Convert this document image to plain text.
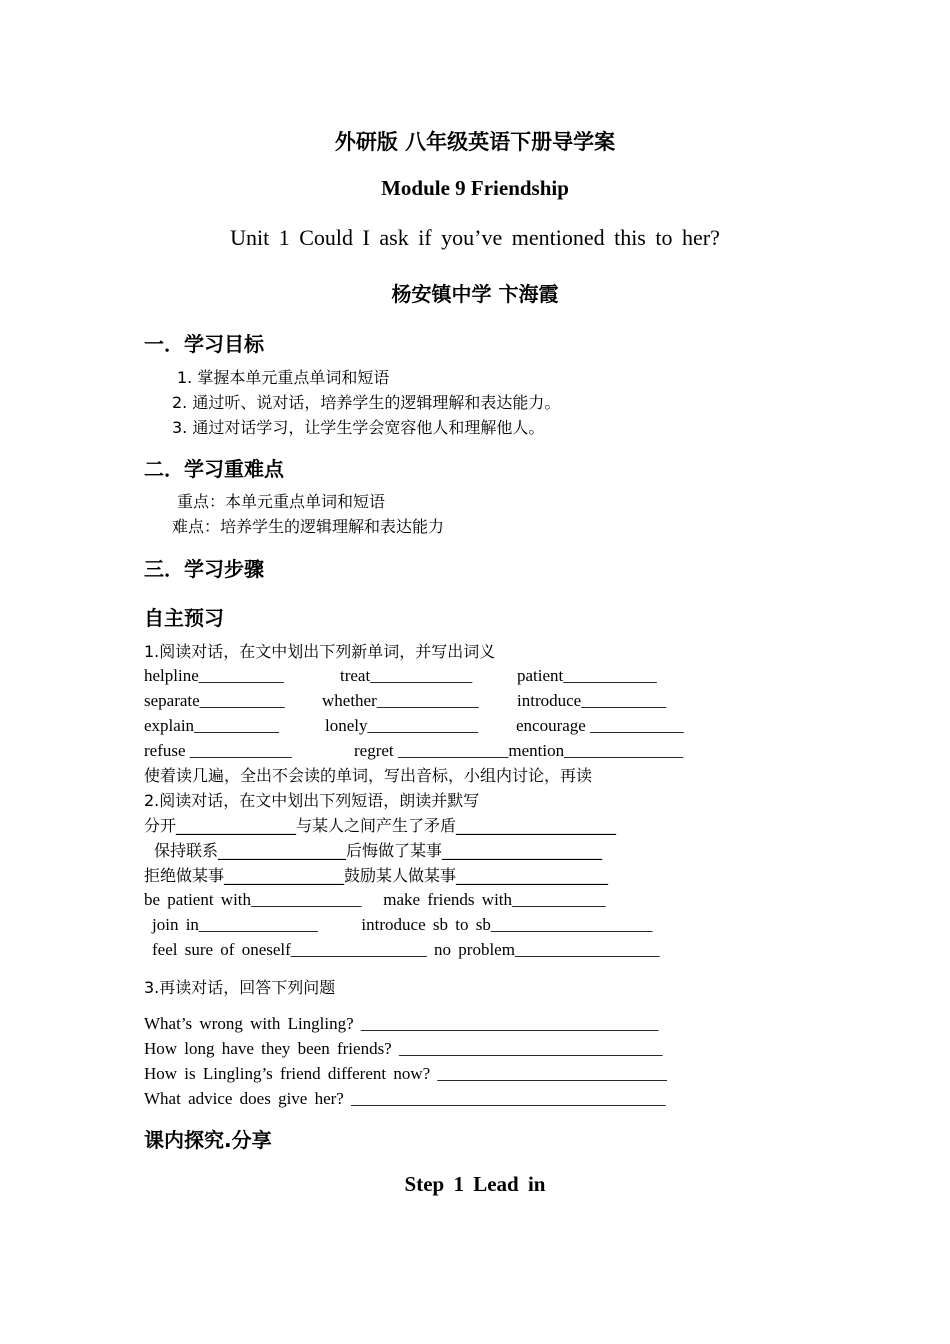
外研版 八年级英语下册导学案
Module 9 Friendship
Unit 1 Could I ask if you’ve mentioned this to her?
杨安镇中学 卞海霞
一．学习目标
1. 掌握本单元重点单词和短语
2. 通过听、说对话，培养学生的逻辑理解和表达能力。
3. 通过对话学习，让学生学会宽容他人和理解他人。
二．学习重难点
重点：本单元重点单词和短语
难点：培养学生的逻辑理解和表达能力
三．学习步骤
自主预习
1.阅读对话，在文中划出下列新单词，并写出词义
helpline__________	treat____________	patient___________
separate__________ whether____________ introduce__________
explain__________	lonely_____________ encourage ___________
refuse ____________	regret _____________mention______________
使着读几遍，全出不会读的单词，写出音标，小组内讨论，再读
2.阅读对话，在文中划出下列短语，朗读并默写
分开_______________与某人之间产生了矛盾____________________
保持联系________________后悔做了某事____________________
拒绝做某事_______________鼓励某人做某事___________________
be patient with_____________   make friends with___________
join in______________      introduce sb to sb___________________
feel sure of oneself________________ no problem_________________
3.再读对话，回答下列问题
What’s wrong with Lingling? ___________________________________
How long have they been friends? _______________________________
How is Lingling’s friend different now? ___________________________
What advice does give her? _____________________________________
课内探究.分享
Step 1 Lead in
